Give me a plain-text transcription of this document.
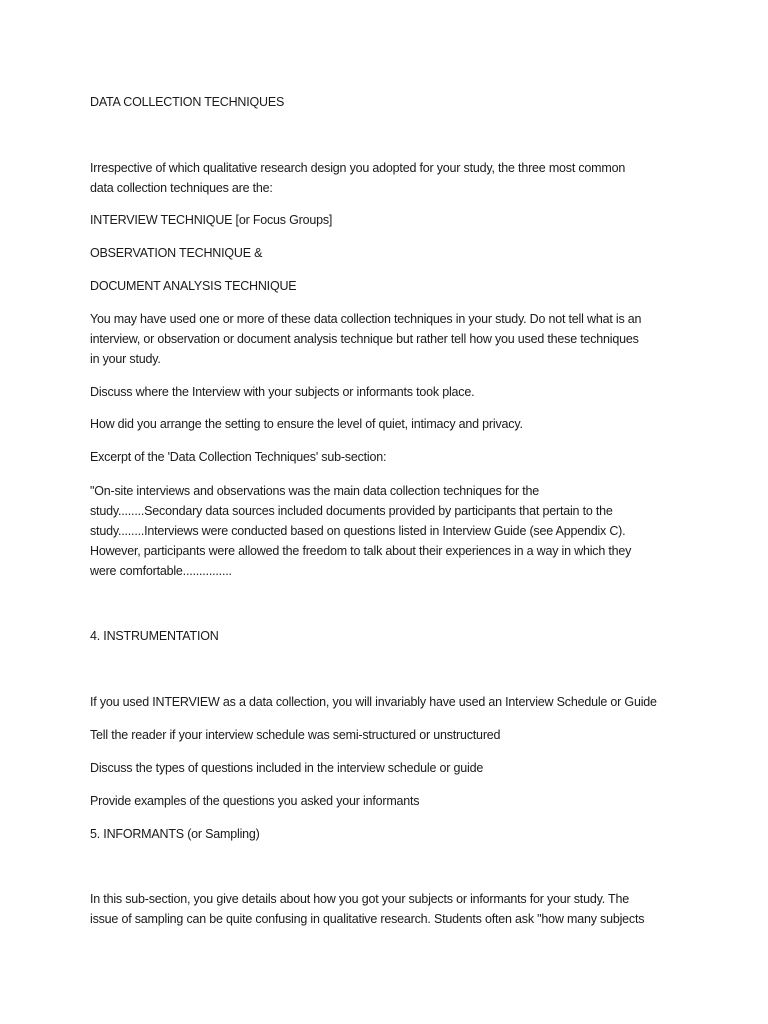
DATA COLLECTION TECHNIQUES

Irrespective of which qualitative research design you adopted for your study, the three most common
data collection techniques are the:

INTERVIEW TECHNIQUE [or Focus Groups]

OBSERVATION TECHNIQUE &

DOCUMENT ANALYSIS TECHNIQUE

You may have used one or more of these data collection techniques in your study. Do not tell what is an
interview, or observation or document analysis technique but rather tell how you used these techniques
in your study.

Discuss where the Interview with your subjects or informants took place.

How did you arrange the setting to ensure the level of quiet, intimacy and privacy.

Excerpt of the 'Data Collection Techniques' sub-section:

"On-site interviews and observations was the main data collection techniques for the
study........Secondary data sources included documents provided by participants that pertain to the
study........Interviews were conducted based on questions listed in Interview Guide (see Appendix C).
However, participants were allowed the freedom to talk about their experiences in a way in which they
were comfortable...............

4. INSTRUMENTATION

If you used INTERVIEW as a data collection, you will invariably have used an Interview Schedule or Guide

Tell the reader if your interview schedule was semi-structured or unstructured

Discuss the types of questions included in the interview schedule or guide

Provide examples of the questions you asked your informants

5. INFORMANTS (or Sampling)

In this sub-section, you give details about how you got your subjects or informants for your study. The
issue of sampling can be quite confusing in qualitative research. Students often ask "how many subjects
